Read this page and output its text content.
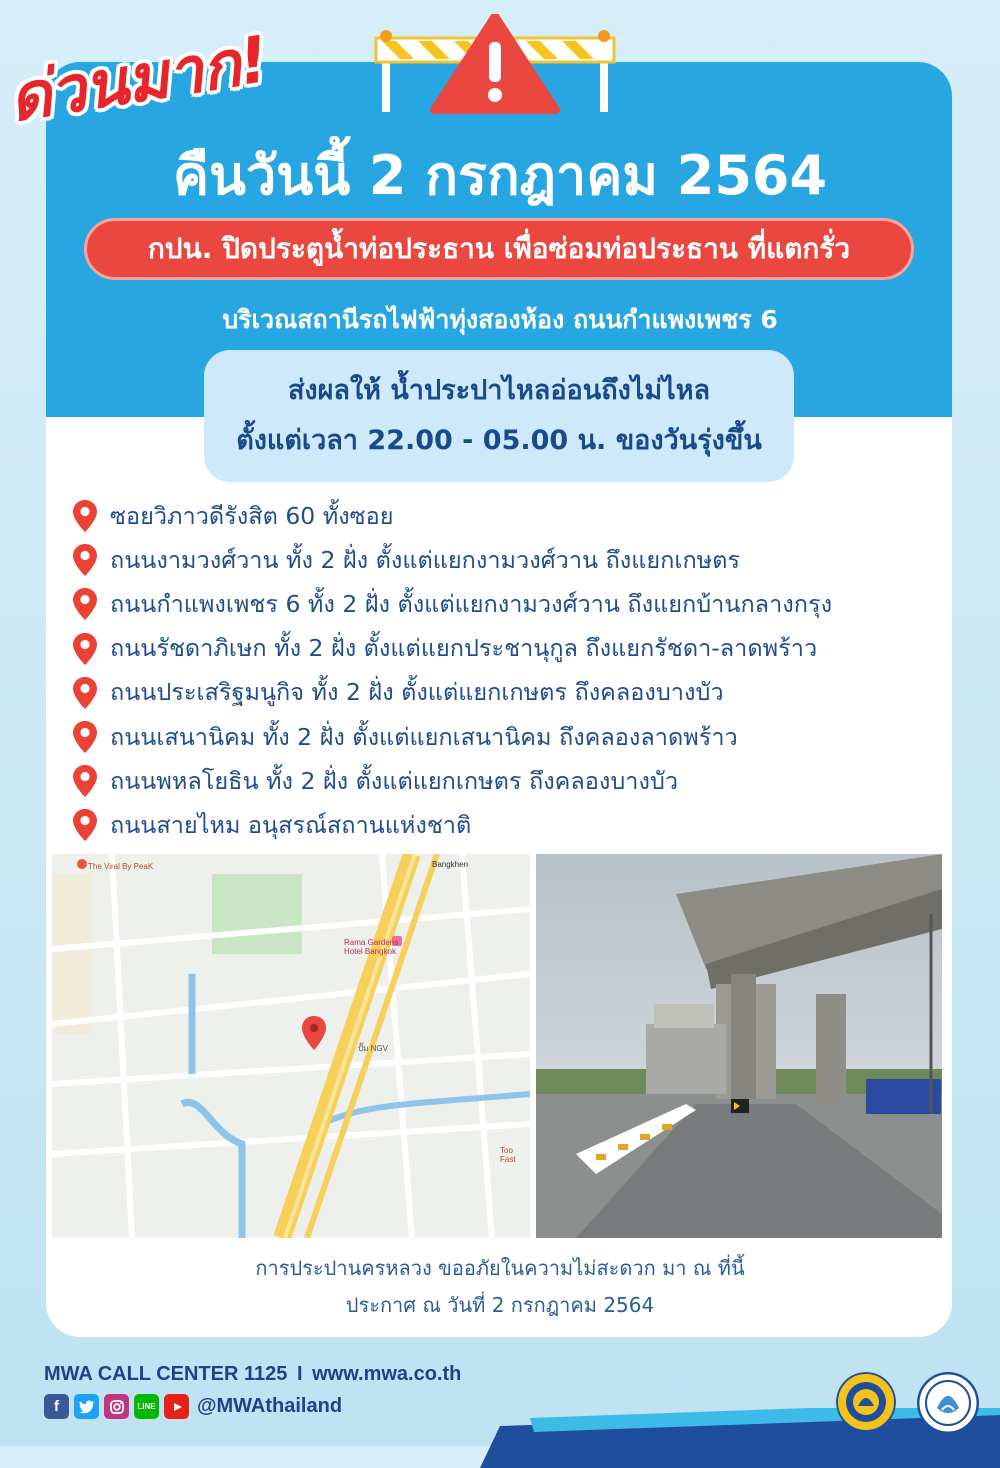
ด่วนมาก!
คืนวันนี้ 2 กรกฎาคม 2564
กปน. ปิดประตูน้ำท่อประธาน เพื่อซ่อมท่อประธาน ที่แตกรั่ว
บริเวณสถานีรถไฟฟ้าทุ่งสองห้อง ถนนกำแพงเพชร 6
ส่งผลให้ น้ำประปาไหลอ่อนถึงไม่ไหล
ตั้งแต่เวลา 22.00 - 05.00 น. ของวันรุ่งขึ้น
ซอยวิภาวดีรังสิต 60 ทั้งซอย
ถนนงามวงศ์วาน ทั้ง 2 ฝั่ง ตั้งแต่แยกงามวงศ์วาน ถึงแยกเกษตร
ถนนกำแพงเพชร 6 ทั้ง 2 ฝั่ง ตั้งแต่แยกงามวงศ์วาน ถึงแยกบ้านกลางกรุง
ถนนรัชดาภิเษก ทั้ง 2 ฝั่ง ตั้งแต่แยกประชานุกูล ถึงแยกรัชดา-ลาดพร้าว
ถนนประเสริฐมนูกิจ ทั้ง 2 ฝั่ง ตั้งแต่แยกเกษตร ถึงคลองบางบัว
ถนนเสนานิคม ทั้ง 2 ฝั่ง ตั้งแต่แยกเสนานิคม ถึงคลองลาดพร้าว
ถนนพหลโยธิน ทั้ง 2 ฝั่ง ตั้งแต่แยกเกษตร ถึงคลองบางบัว
ถนนสายไหม อนุสรณ์สถานแห่งชาติ
The Viral By PeaK
Rama Gardens Hotel Bangkok
Bangkhen
ปั๊ม NGV
Too Fast
การประปานครหลวง ขออภัยในความไม่สะดวก มา ณ ที่นี้
ประกาศ ณ วันที่ 2 กรกฎาคม 2564
MWA CALL CENTER 1125 I www.mwa.co.th
f	LINE @MWAthailand
